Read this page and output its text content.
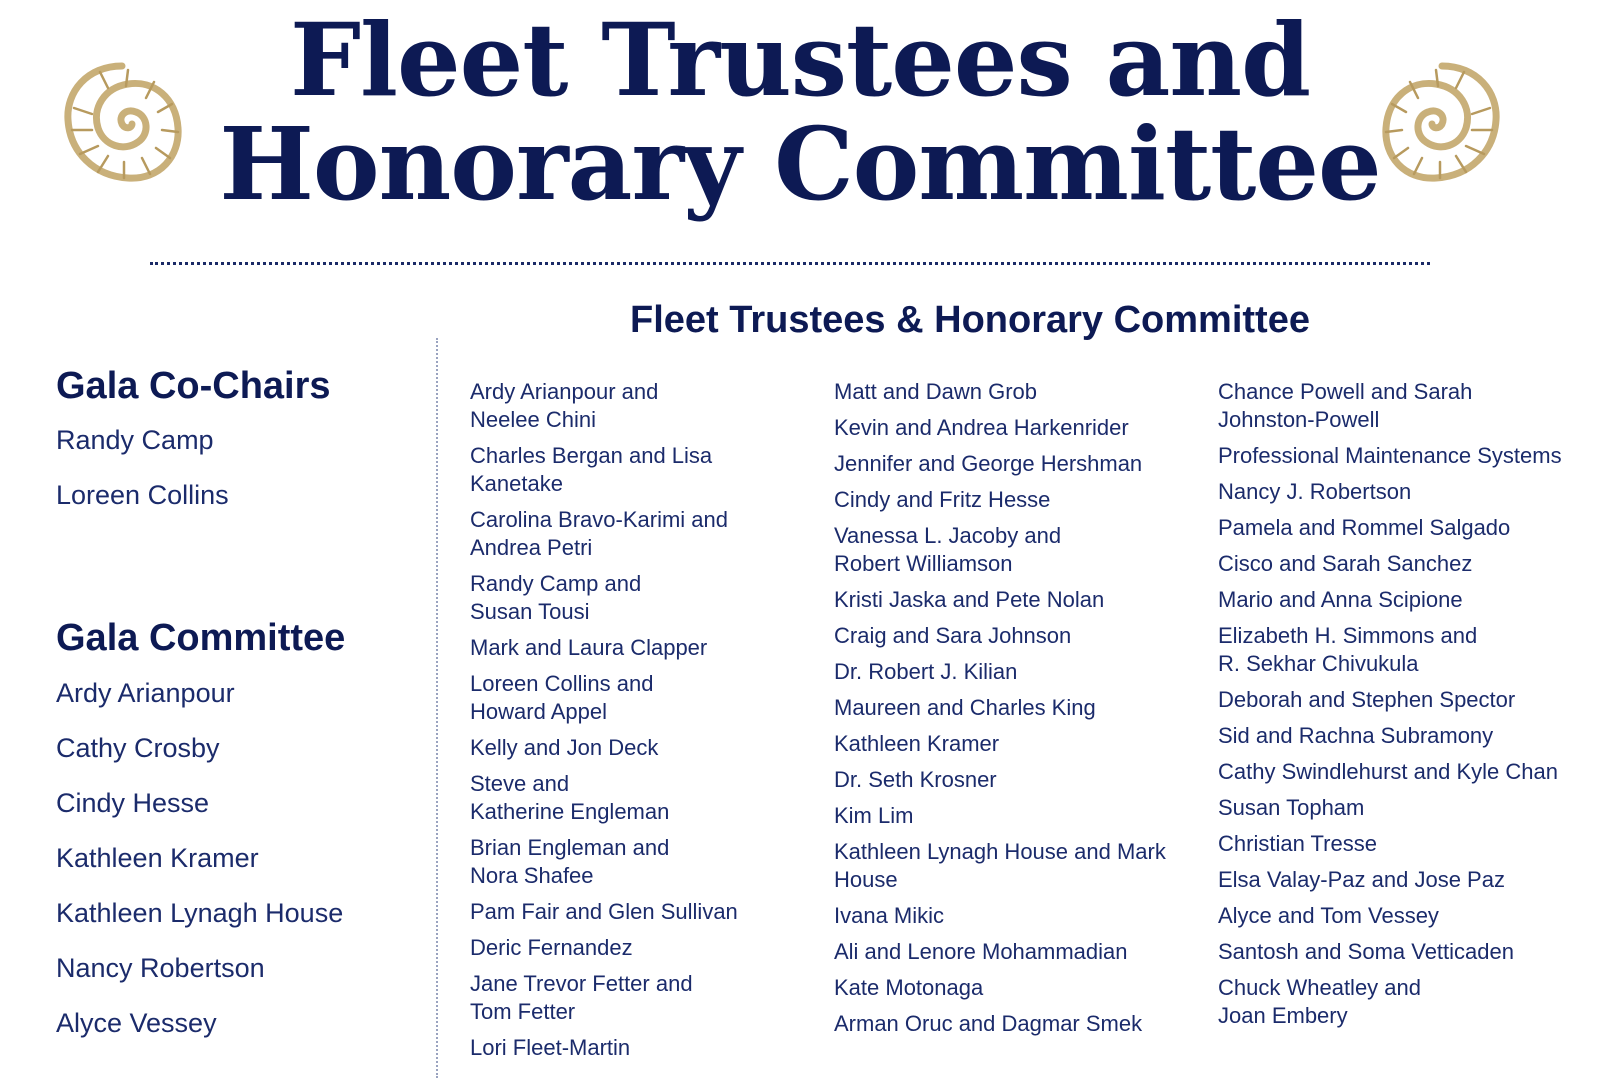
Fleet Trustees and
Honorary Committee
Gala Co-Chairs
Randy Camp
Loreen Collins
Gala Committee
Ardy Arianpour
Cathy Crosby
Cindy Hesse
Kathleen Kramer
Kathleen Lynagh House
Nancy Robertson
Alyce Vessey
Fleet Trustees & Honorary Committee
Ardy Arianpour and
Neelee Chini
Charles Bergan and Lisa
Kanetake
Carolina Bravo-Karimi and
Andrea Petri
Randy Camp and
Susan Tousi
Mark and Laura Clapper
Loreen Collins and
Howard Appel
Kelly and Jon Deck
Steve and
Katherine Engleman
Brian Engleman and
Nora Shafee
Pam Fair and Glen Sullivan
Deric Fernandez
Jane Trevor Fetter and
Tom Fetter
Lori Fleet-Martin
Matt and Dawn Grob
Kevin and Andrea Harkenrider
Jennifer and George Hershman
Cindy and Fritz Hesse
Vanessa L. Jacoby and
Robert Williamson
Kristi Jaska and Pete Nolan
Craig and Sara Johnson
Dr. Robert J. Kilian
Maureen and Charles King
Kathleen Kramer
Dr. Seth Krosner
Kim Lim
Kathleen Lynagh House and Mark
House
Ivana Mikic
Ali and Lenore Mohammadian
Kate Motonaga
Arman Oruc and Dagmar Smek
Chance Powell and Sarah
Johnston-Powell
Professional Maintenance Systems
Nancy J. Robertson
Pamela and Rommel Salgado
Cisco and Sarah Sanchez
Mario and Anna Scipione
Elizabeth H. Simmons and
R. Sekhar Chivukula
Deborah and Stephen Spector
Sid and Rachna Subramony
Cathy Swindlehurst and Kyle Chan
Susan Topham
Christian Tresse
Elsa Valay-Paz and Jose Paz
Alyce and Tom Vessey
Santosh and Soma Vetticaden
Chuck Wheatley and
Joan Embery
